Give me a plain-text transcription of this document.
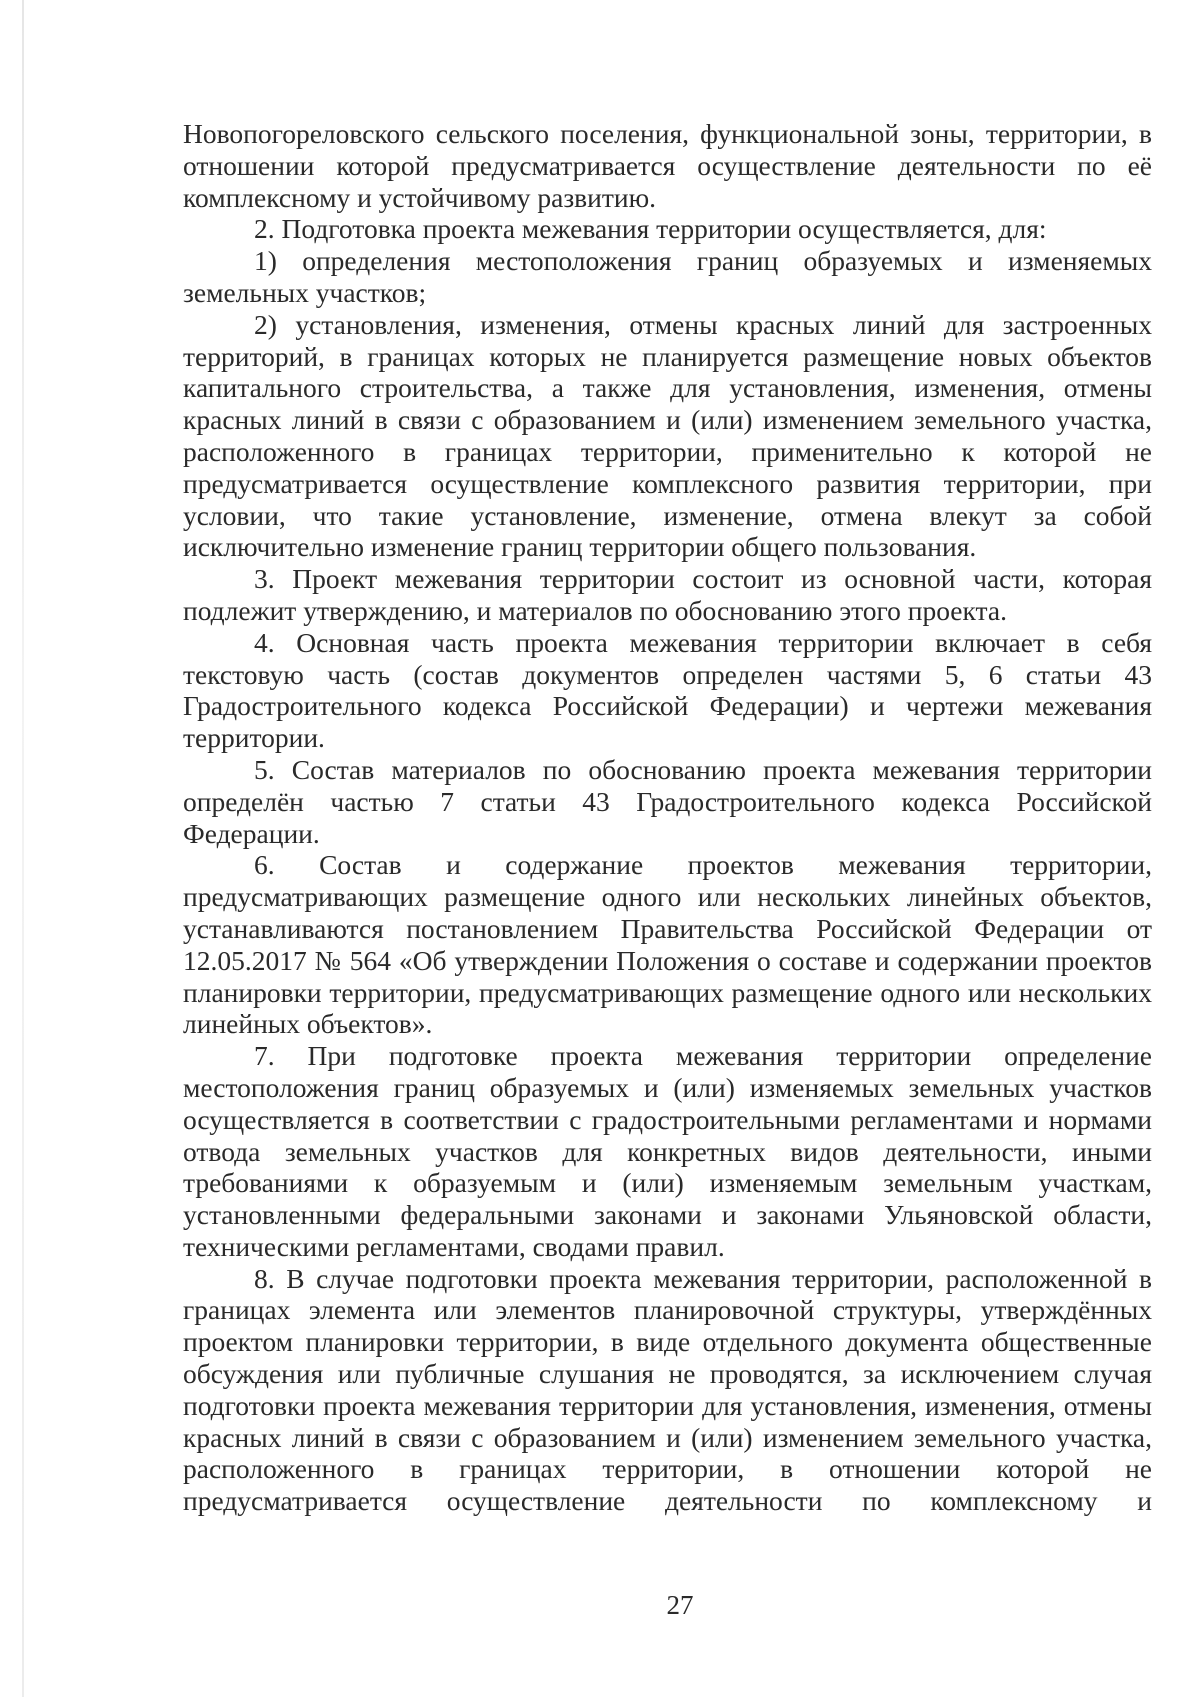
Новопогореловского сельского поселения, функциональной зоны, территории, в отношении которой предусматривается осуществление деятельности по её комплексному и устойчивому развитию.

2. Подготовка проекта межевания территории осуществляется, для:

1) определения местоположения границ образуемых и изменяемых земельных участков;

2) установления, изменения, отмены красных линий для застроенных территорий, в границах которых не планируется размещение новых объектов капитального строительства, а также для установления, изменения, отмены красных линий в связи с образованием и (или) изменением земельного участка, расположенного в границах территории, применительно к которой не предусматривается осуществление комплексного развития территории, при условии, что такие установление, изменение, отмена влекут за собой исключительно изменение границ территории общего пользования.

3. Проект межевания территории состоит из основной части, которая подлежит утверждению, и материалов по обоснованию этого проекта.

4. Основная часть проекта межевания территории включает в себя текстовую часть (состав документов определен частями 5, 6 статьи 43 Градостроительного кодекса Российской Федерации) и чертежи межевания территории.

5. Состав материалов по обоснованию проекта межевания территории определён частью 7 статьи 43 Градостроительного кодекса Российской Федерации.

6. Состав и содержание проектов межевания территории, предусматривающих размещение одного или нескольких линейных объектов, устанавливаются постановлением Правительства Российской Федерации от 12.05.2017 № 564 «Об утверждении Положения о составе и содержании проектов планировки территории, предусматривающих размещение одного или нескольких линейных объектов».

7. При подготовке проекта межевания территории определение местоположения границ образуемых и (или) изменяемых земельных участков осуществляется в соответствии с градостроительными регламентами и нормами отвода земельных участков для конкретных видов деятельности, иными требованиями к образуемым и (или) изменяемым земельным участкам, установленными федеральными законами и законами Ульяновской области, техническими регламентами, сводами правил.

8. В случае подготовки проекта межевания территории, расположенной в границах элемента или элементов планировочной структуры, утверждённых проектом планировки территории, в виде отдельного документа общественные обсуждения или публичные слушания не проводятся, за исключением случая подготовки проекта межевания территории для установления, изменения, отмены красных линий в связи с образованием и (или) изменением земельного участка, расположенного в границах территории, в отношении которой не предусматривается осуществление деятельности по комплексному и

27
